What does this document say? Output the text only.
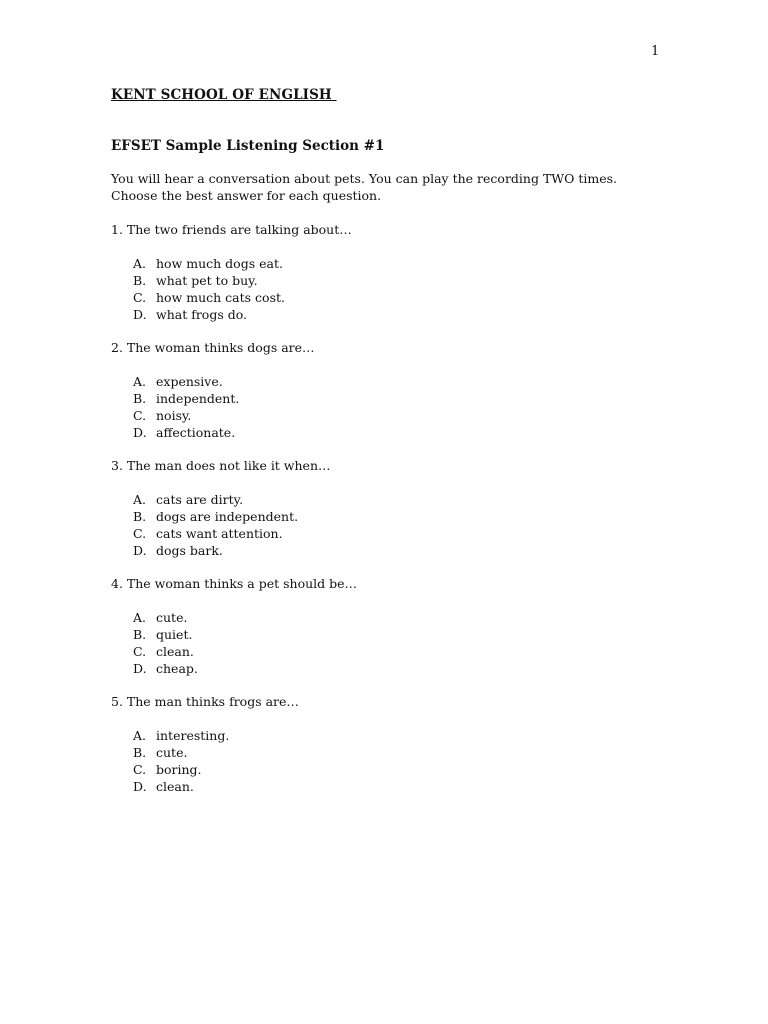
1
KENT SCHOOL OF ENGLISH
EFSET Sample Listening Section #1

You will hear a conversation about pets. You can play the recording TWO times.

Choose the best answer for each question.

1. The two friends are talking about…

A. how much dogs eat.
B. what pet to buy.
C. how much cats cost.
D. what frogs do.

2. The woman thinks dogs are…

A. expensive.
B. independent.
C. noisy.
D. affectionate.

3. The man does not like it when…

A. cats are dirty.
B. dogs are independent.
C. cats want attention.
D. dogs bark.

4. The woman thinks a pet should be…

A. cute.
B. quiet.
C. clean.
D. cheap.

5. The man thinks frogs are…

A. interesting.
B. cute.
C. boring.
D. clean.
